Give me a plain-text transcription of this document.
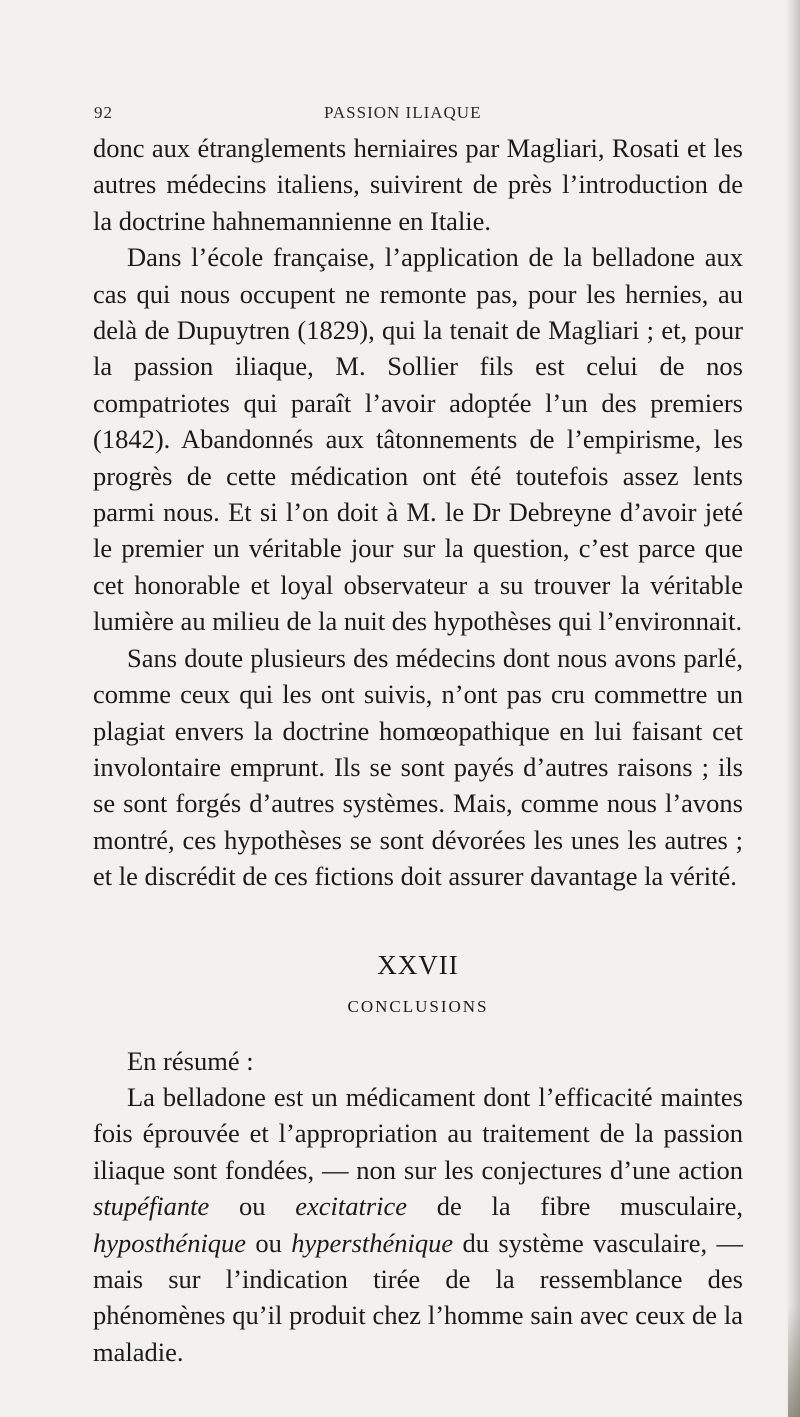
92	PASSION ILIAQUE

donc aux étranglements herniaires par Magliari, Rosati et les autres médecins italiens, suivirent de près l’introduction de la doctrine hahnemannienne en Italie.

Dans l’école française, l’application de la belladone aux cas qui nous occupent ne remonte pas, pour les hernies, au delà de Dupuytren (1829), qui la tenait de Magliari ; et, pour la passion iliaque, M. Sollier fils est celui de nos compatriotes qui paraît l’avoir adoptée l’un des premiers (1842). Abandonnés aux tâtonnements de l’empirisme, les progrès de cette médication ont été toutefois assez lents parmi nous. Et si l’on doit à M. le Dr Debreyne d’avoir jeté le premier un véritable jour sur la question, c’est parce que cet honorable et loyal observateur a su trouver la véritable lumière au milieu de la nuit des hypothèses qui l’environnait.

Sans doute plusieurs des médecins dont nous avons parlé, comme ceux qui les ont suivis, n’ont pas cru commettre un plagiat envers la doctrine homœopathique en lui faisant cet involontaire emprunt. Ils se sont payés d’autres raisons ; ils se sont forgés d’autres systèmes. Mais, comme nous l’avons montré, ces hypothèses se sont dévorées les unes les autres ; et le discrédit de ces fictions doit assurer davantage la vérité.

XXVII

CONCLUSIONS

En résumé :

La belladone est un médicament dont l’efficacité maintes fois éprouvée et l’appropriation au traitement de la passion iliaque sont fondées, — non sur les conjectures d’une action stupéfiante ou excitatrice de la fibre musculaire, hyposthénique ou hypersthénique du système vasculaire, — mais sur l’indication tirée de la ressemblance des phénomènes qu’il produit chez l’homme sain avec ceux de la maladie.
